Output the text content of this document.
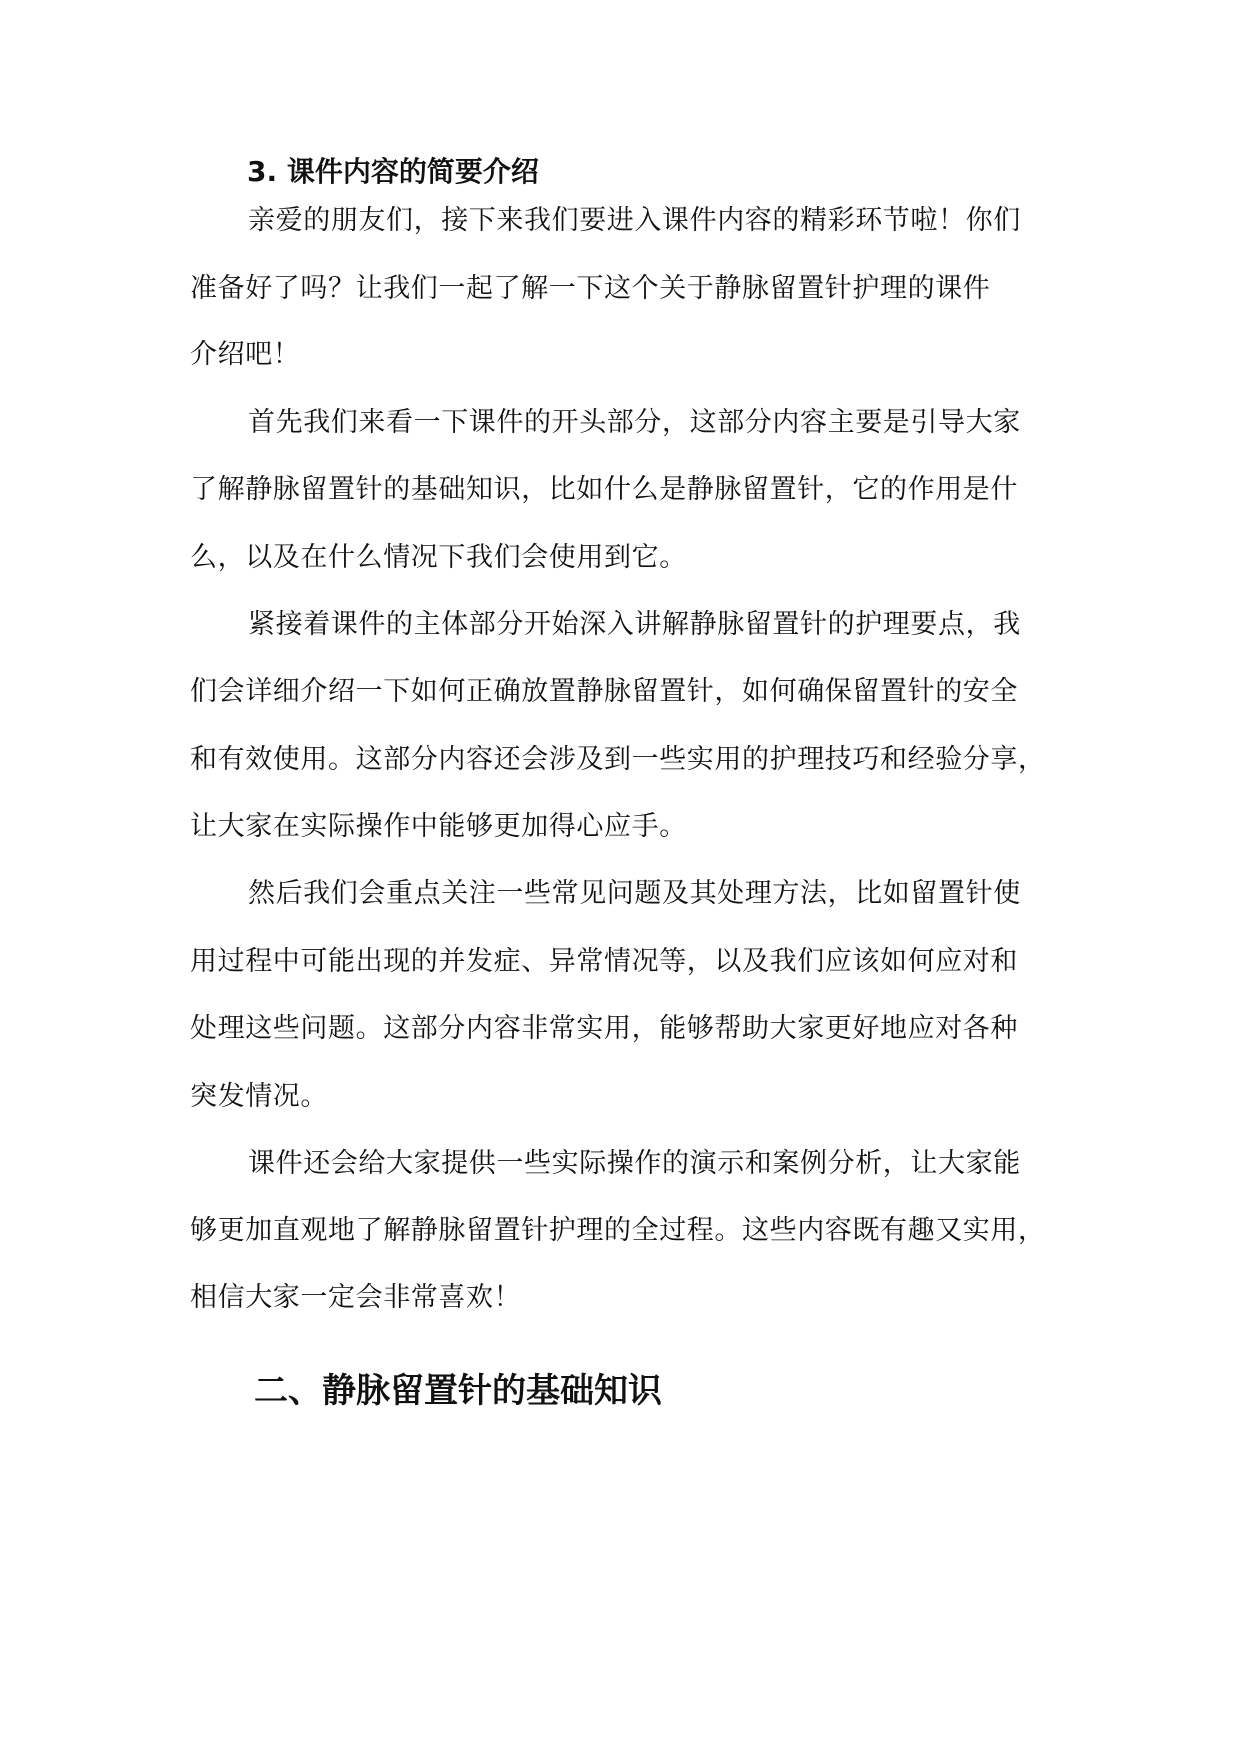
3. 课件内容的简要介绍
亲爱的朋友们，接下来我们要进入课件内容的精彩环节啦！你们
准备好了吗？让我们一起了解一下这个关于静脉留置针护理的课件
介绍吧！
首先我们来看一下课件的开头部分，这部分内容主要是引导大家
了解静脉留置针的基础知识，比如什么是静脉留置针，它的作用是什
么，以及在什么情况下我们会使用到它。
紧接着课件的主体部分开始深入讲解静脉留置针的护理要点，我
们会详细介绍一下如何正确放置静脉留置针，如何确保留置针的安全
和有效使用。这部分内容还会涉及到一些实用的护理技巧和经验分享，
让大家在实际操作中能够更加得心应手。
然后我们会重点关注一些常见问题及其处理方法，比如留置针使
用过程中可能出现的并发症、异常情况等，以及我们应该如何应对和
处理这些问题。这部分内容非常实用，能够帮助大家更好地应对各种
突发情况。
课件还会给大家提供一些实际操作的演示和案例分析，让大家能
够更加直观地了解静脉留置针护理的全过程。这些内容既有趣又实用，
相信大家一定会非常喜欢！
二、静脉留置针的基础知识
